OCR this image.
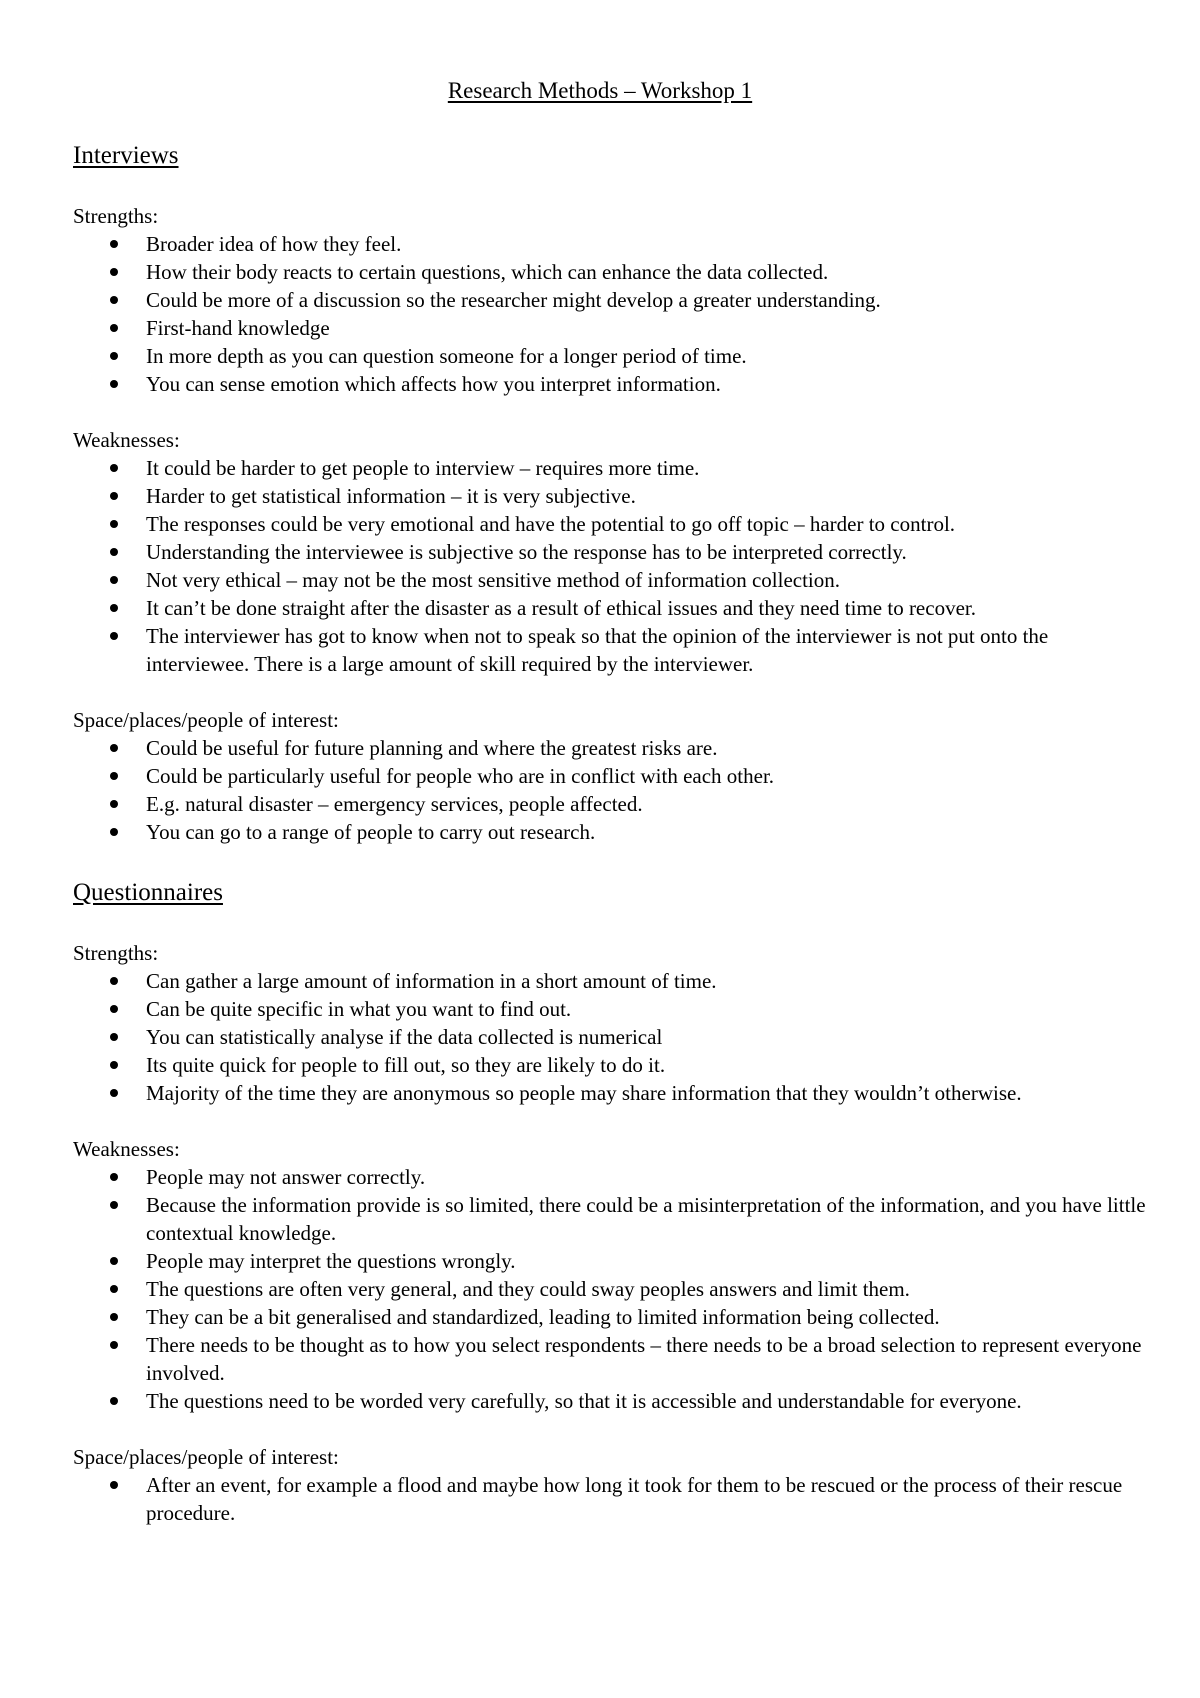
Research Methods – Workshop 1
Interviews

Strengths:

Broader idea of how they feel.
How their body reacts to certain questions, which can enhance the data collected.
Could be more of a discussion so the researcher might develop a greater understanding.
First-hand knowledge
In more depth as you can question someone for a longer period of time.
You can sense emotion which affects how you interpret information.

Weaknesses:

It could be harder to get people to interview – requires more time.
Harder to get statistical information – it is very subjective.
The responses could be very emotional and have the potential to go off topic – harder to control.
Understanding the interviewee is subjective so the response has to be interpreted correctly.
Not very ethical – may not be the most sensitive method of information collection.
It can’t be done straight after the disaster as a result of ethical issues and they need time to recover.
The interviewer has got to know when not to speak so that the opinion of the interviewer is not put onto the interviewee. There is a large amount of skill required by the interviewer.

Space/places/people of interest:

Could be useful for future planning and where the greatest risks are.
Could be particularly useful for people who are in conflict with each other.
E.g. natural disaster – emergency services, people affected.
You can go to a range of people to carry out research.
Questionnaires

Strengths:

Can gather a large amount of information in a short amount of time.
Can be quite specific in what you want to find out.
You can statistically analyse if the data collected is numerical
Its quite quick for people to fill out, so they are likely to do it.
Majority of the time they are anonymous so people may share information that they wouldn’t otherwise.

Weaknesses:

People may not answer correctly.
Because the information provide is so limited, there could be a misinterpretation of the information, and you have little contextual knowledge.
People may interpret the questions wrongly.
The questions are often very general, and they could sway peoples answers and limit them.
They can be a bit generalised and standardized, leading to limited information being collected.
There needs to be thought as to how you select respondents – there needs to be a broad selection to represent everyone involved.
The questions need to be worded very carefully, so that it is accessible and understandable for everyone.

Space/places/people of interest:

After an event, for example a flood and maybe how long it took for them to be rescued or the process of their rescue procedure.
